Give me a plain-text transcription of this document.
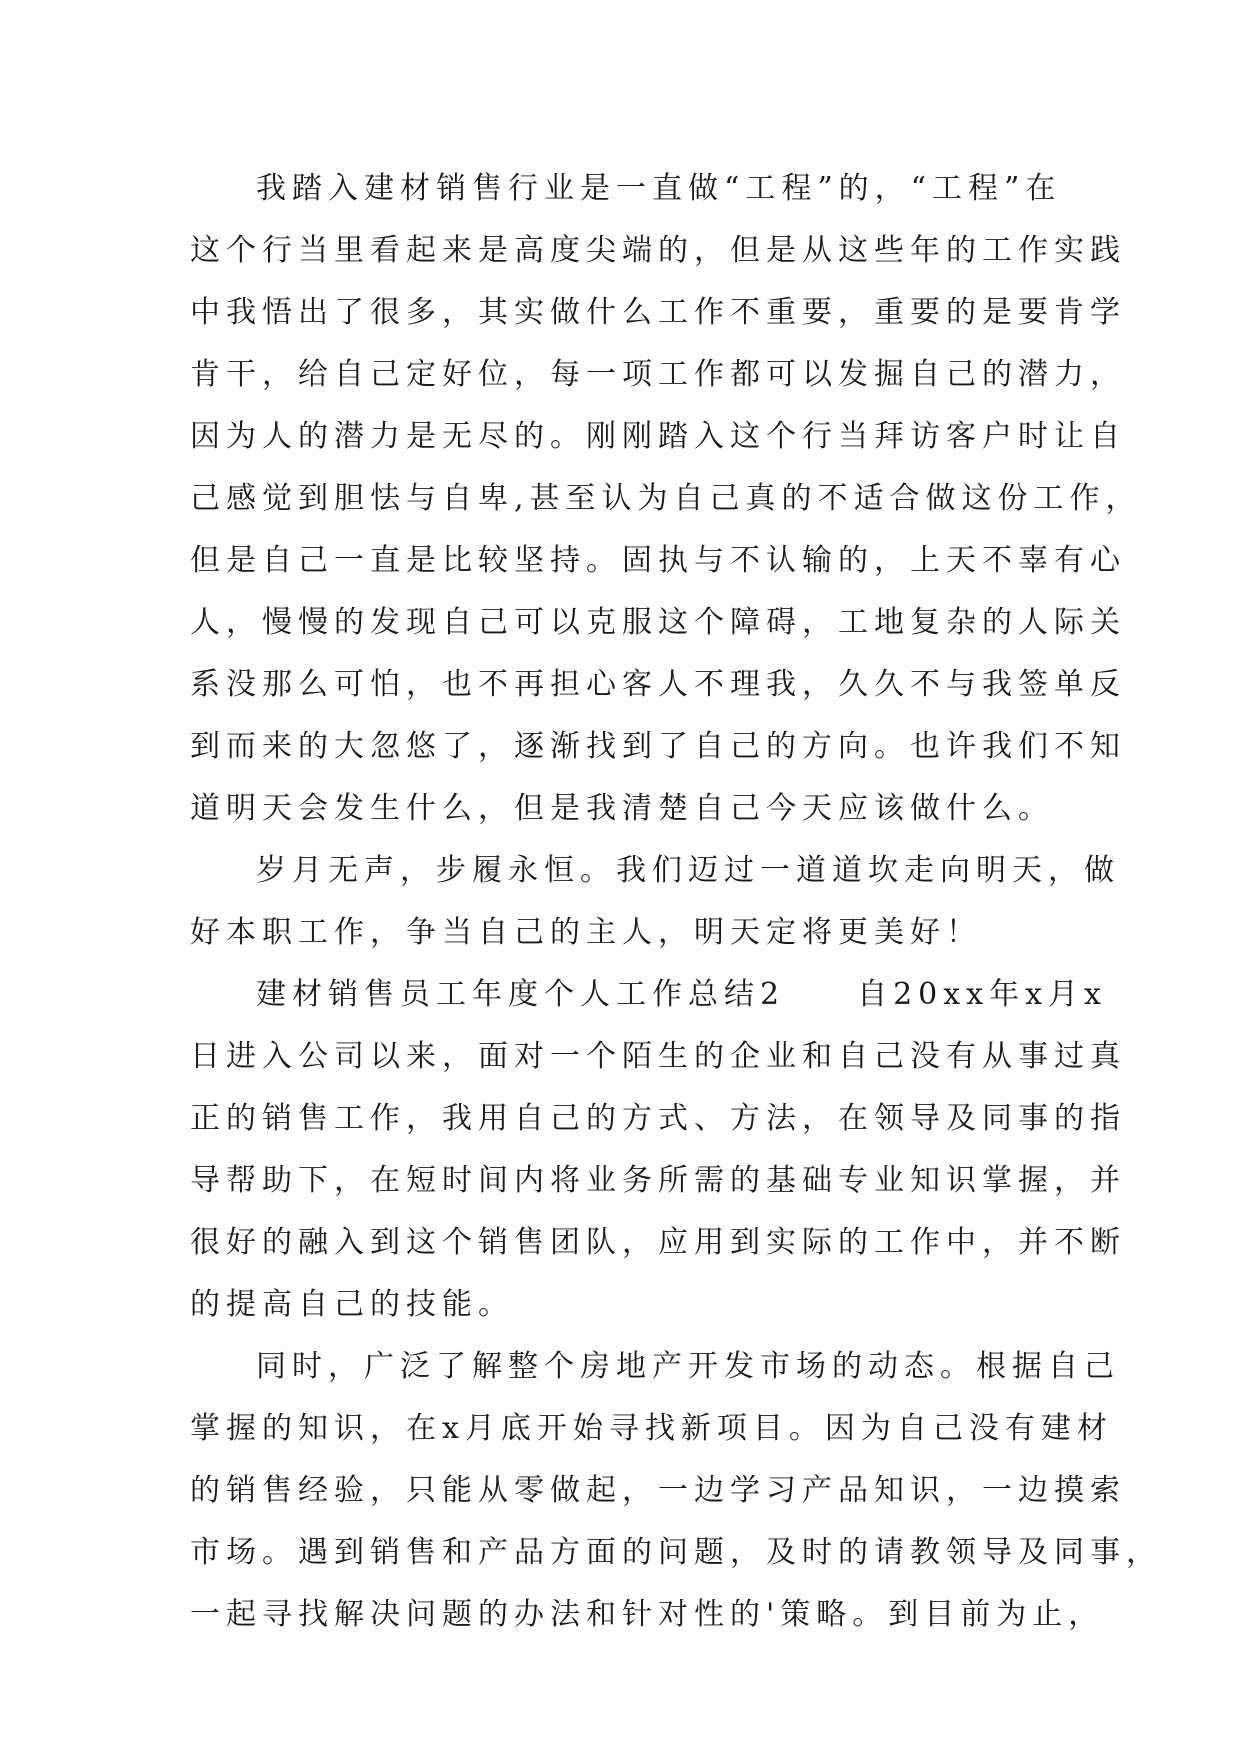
我踏入建材销售行业是一直做“工程”的，“工程”在
这个行当里看起来是高度尖端的，但是从这些年的工作实践
中我悟出了很多，其实做什么工作不重要，重要的是要肯学
肯干，给自己定好位，每一项工作都可以发掘自己的潜力，
因为人的潜力是无尽的。刚刚踏入这个行当拜访客户时让自
己感觉到胆怯与自卑,甚至认为自己真的不适合做这份工作，
但是自己一直是比较坚持。固执与不认输的，上天不辜有心
人，慢慢的发现自己可以克服这个障碍，工地复杂的人际关
系没那么可怕，也不再担心客人不理我，久久不与我签单反
到而来的大忽悠了，逐渐找到了自己的方向。也许我们不知
道明天会发生什么，但是我清楚自己今天应该做什么。
岁月无声，步履永恒。我们迈过一道道坎走向明天，做
好本职工作，争当自己的主人，明天定将更美好！
建材销售员工年度个人工作总结2　　自20xx年x月x
日进入公司以来，面对一个陌生的企业和自己没有从事过真
正的销售工作，我用自己的方式、方法，在领导及同事的指
导帮助下，在短时间内将业务所需的基础专业知识掌握，并
很好的融入到这个销售团队，应用到实际的工作中，并不断
的提高自己的技能。
同时，广泛了解整个房地产开发市场的动态。根据自己
掌握的知识，在x月底开始寻找新项目。因为自己没有建材
的销售经验，只能从零做起，一边学习产品知识，一边摸索
市场。遇到销售和产品方面的问题，及时的请教领导及同事，
一起寻找解决问题的办法和针对性的'策略。到目前为止，
